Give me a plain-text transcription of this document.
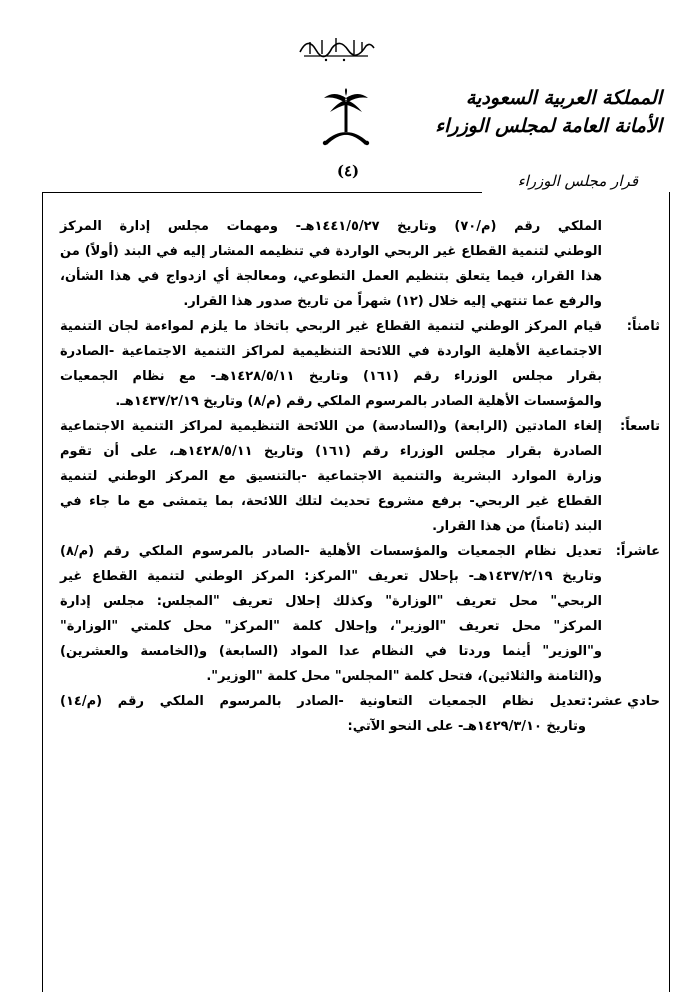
(٤)
المملكة العربية السعودية
الأمانة العامة لمجلس الوزراء
قرار مجلس الوزراء
الملكي رقم (م/٧٠) وتاريخ ١٤٤١/٥/٢٧هـ- ومهمات مجلس إدارة المركز
الوطني لتنمية القطاع غير الربحي الواردة في تنظيمه المشار إليه في البند (أولاً) من
هذا القرار، فيما يتعلق بتنظيم العمل التطوعي، ومعالجة أي ازدواج في هذا الشأن،
والرفع عما تنتهي إليه خلال (١٢) شهراً من تاريخ صدور هذا القرار.
ثامناً:
قيام المركز الوطني لتنمية القطاع غير الربحي باتخاذ ما يلزم لمواءمة لجان التنمية
الاجتماعية الأهلية الواردة في اللائحة التنظيمية لمراكز التنمية الاجتماعية -الصادرة
بقرار مجلس الوزراء رقم (١٦١) وتاريخ ١٤٢٨/٥/١١هـ- مع نظام الجمعيات
والمؤسسات الأهلية الصادر بالمرسوم الملكي رقم (م/٨) وتاريخ ١٤٣٧/٢/١٩هـ.
تاسعاً:
إلغاء المادتين (الرابعة) و(السادسة) من اللائحة التنظيمية لمراكز التنمية الاجتماعية
الصادرة بقرار مجلس الوزراء رقم (١٦١) وتاريخ ١٤٢٨/٥/١١هـ، على أن تقوم
وزارة الموارد البشرية والتنمية الاجتماعية -بالتنسيق مع المركز الوطني لتنمية
القطاع غير الربحي- برفع مشروع تحديث لتلك اللائحة، بما يتمشى مع ما جاء في
البند (ثامناً) من هذا القرار.
عاشراً:
تعديل نظام الجمعيات والمؤسسات الأهلية -الصادر بالمرسوم الملكي رقم (م/٨)
وتاريخ ١٤٣٧/٢/١٩هـ- بإحلال تعريف "المركز: المركز الوطني لتنمية القطاع غير
الربحي" محل تعريف "الوزارة" وكذلك إحلال تعريف "المجلس: مجلس إدارة
المركز" محل تعريف "الوزير"، وإحلال كلمة "المركز" محل كلمتي "الوزارة"
و"الوزير" أينما وردتا في النظام عدا المواد (السابعة) و(الخامسة والعشرين)
و(الثامنة والثلاثين)، فتحل كلمة "المجلس" محل كلمة "الوزير".
حادي عشر:
تعديل نظام الجمعيات التعاونية -الصادر بالمرسوم الملكي رقم (م/١٤)
وتاريخ ١٤٢٩/٣/١٠هـ- على النحو الآتي:
